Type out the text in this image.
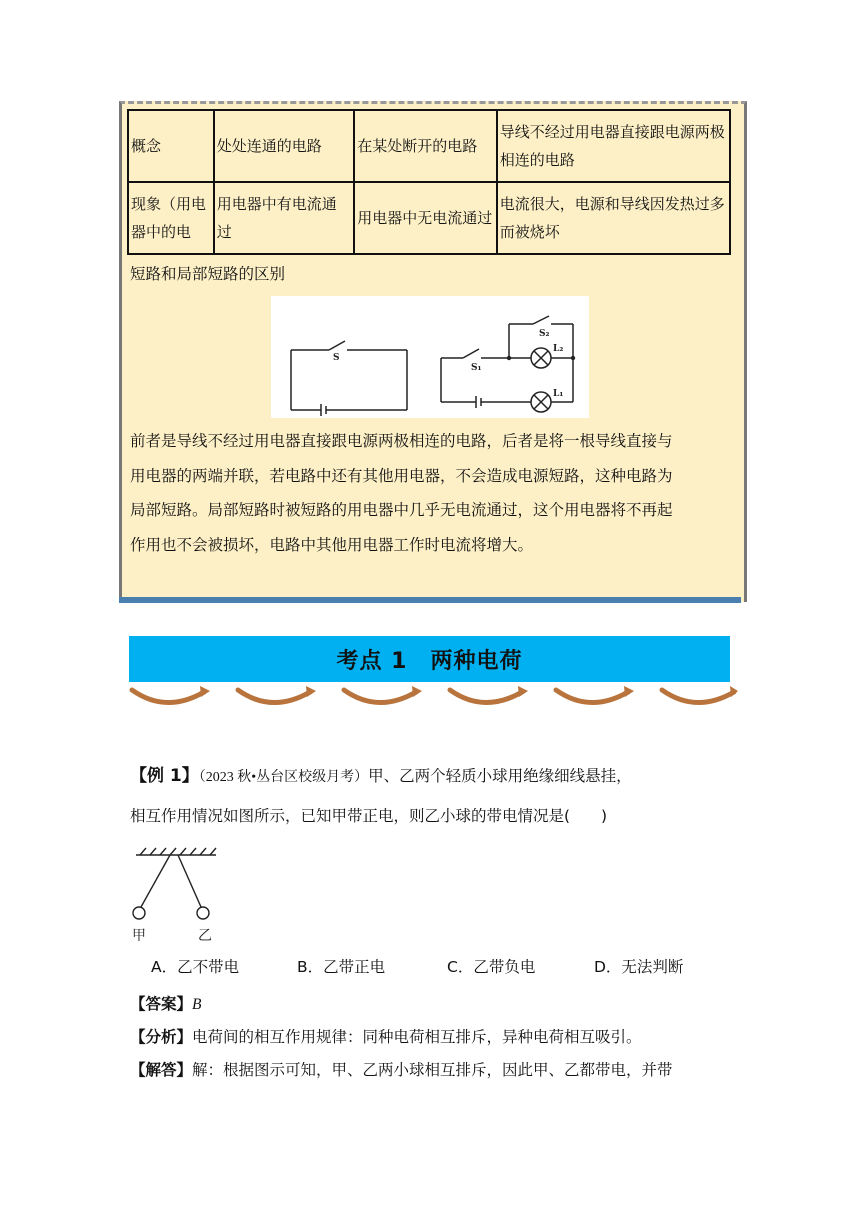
概念	处处连通的电路	在某处断开的电路	导线不经过用电器直接跟电源两极相连的电路
现象（用电器中的电	用电器中有电流通过	用电器中无电流通过	电流很大，电源和导线因发热过多而被烧坏
短路和局部短路的区别
S
S₁
S₂
L₂
L₁
前者是导线不经过用电器直接跟电源两极相连的电路，后者是将一根导线直接与
用电器的两端并联，若电路中还有其他用电器，不会造成电源短路，这种电路为
局部短路。局部短路时被短路的用电器中几乎无电流通过，这个用电器将不再起
作用也不会被损坏，电路中其他用电器工作时电流将增大。
考点 1　两种电荷
【例 1】（2023 秋•丛台区校级月考）甲、乙两个轻质小球用绝缘细线悬挂，
相互作用情况如图所示，已知甲带正电，则乙小球的带电情况是(　　)
甲	乙
A．乙不带电	B．乙带正电	C．乙带负电	D．无法判断
【答案】B
【分析】电荷间的相互作用规律：同种电荷相互排斥，异种电荷相互吸引。
【解答】解：根据图示可知，甲、乙两小球相互排斥，因此甲、乙都带电，并带
